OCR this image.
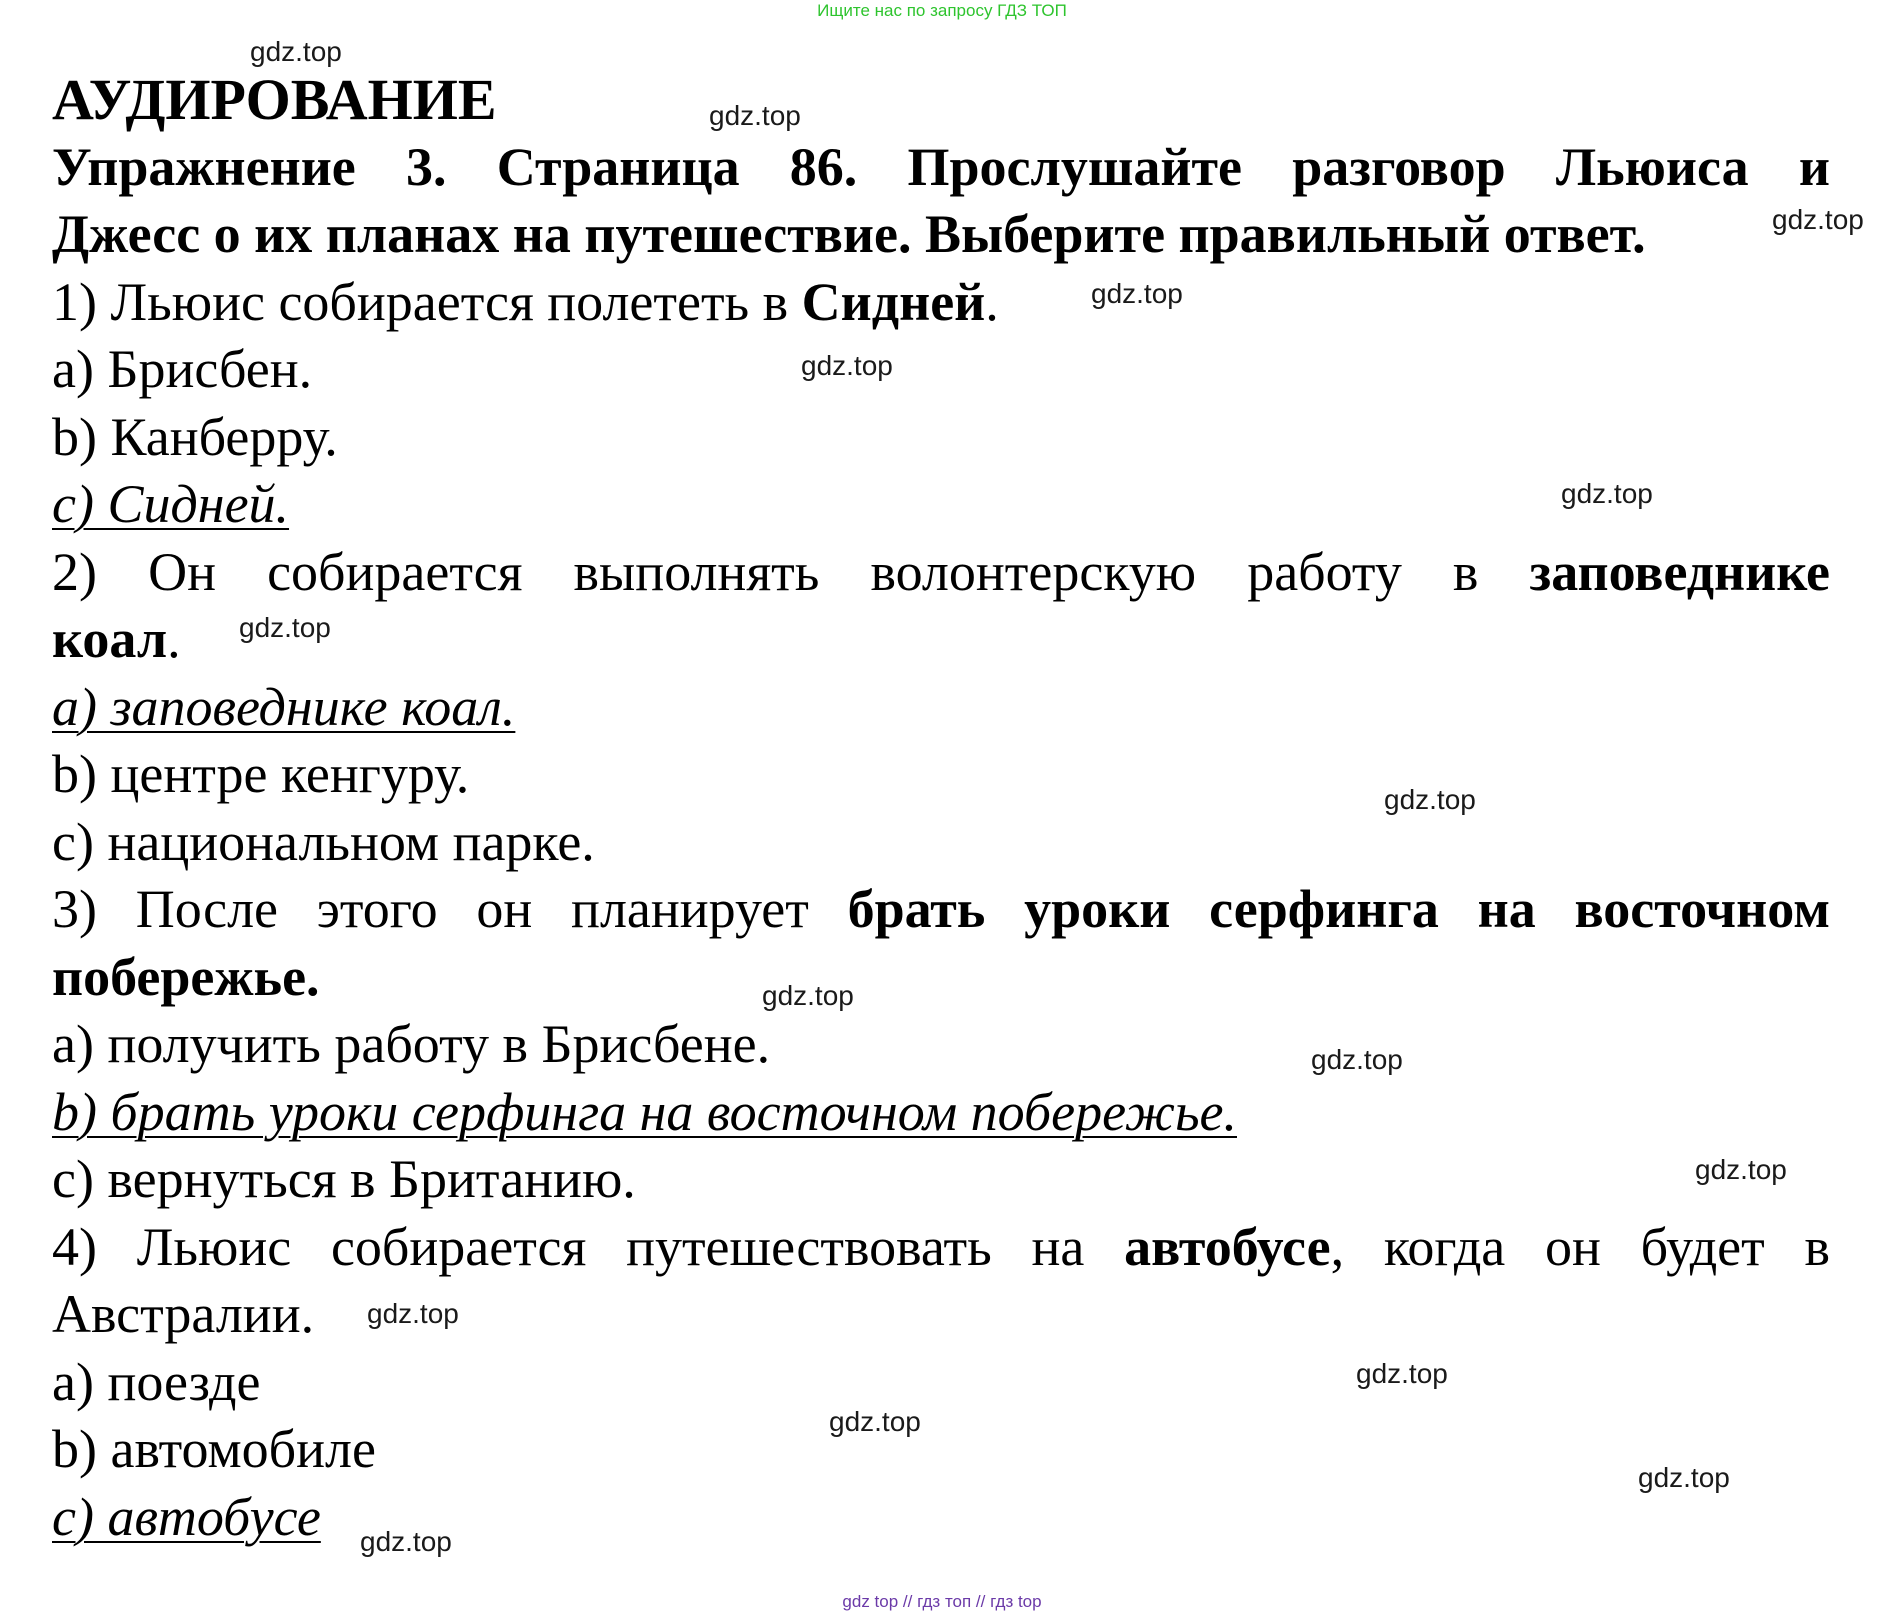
Ищите нас по запросу ГДЗ ТОП
АУДИРОВАНИЕ
Упражнение 3. Страница 86. Прослушайте разговор Льюиса и
Джесс о их планах на путешествие. Выберите правильный ответ.
1) Льюис собирается полететь в Сидней.
a) Брисбен.
b) Канберру.
c) Сидней.
2) Он собирается выполнять волонтерскую работу в заповеднике
коал.
a) заповеднике коал.
b) центре кенгуру.
c) национальном парке.
3) После этого он планирует брать уроки серфинга на восточном
побережье.
a) получить работу в Брисбене.
b) брать уроки серфинга на восточном побережье.
c) вернуться в Британию.
4) Льюис собирается путешествовать на автобусе, когда он будет в
Австралии.
a) поезде
b) автомобиле
c) автобусе
gdz.top
gdz.top
gdz.top
gdz.top
gdz.top
gdz.top
gdz.top
gdz.top
gdz.top
gdz.top
gdz.top
gdz.top
gdz.top
gdz.top
gdz.top
gdz.top
gdz top // гдз топ // гдз top
